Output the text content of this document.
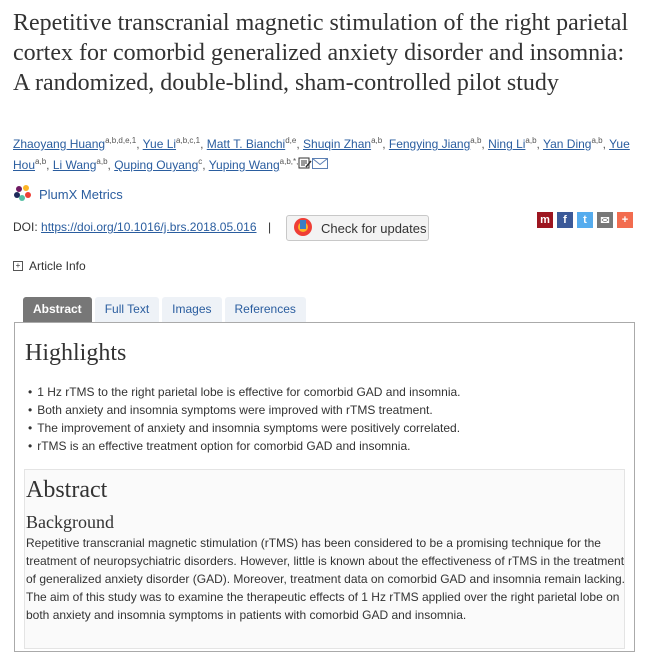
Repetitive transcranial magnetic stimulation of the right parietal cortex for comorbid generalized anxiety disorder and insomnia: A randomized, double-blind, sham-controlled pilot study
Zhaoyang Huang$^{a,b,d,e,1}$, Yue Li$^{a,b,c,1}$, Matt T. Bianchi$^{d,e}$, Shuqin Zhan$^{a,b}$, Fengying Jiang$^{a,b}$, Ning Li$^{a,b}$, Yan Ding$^{a,b}$, Yue Hou$^{a,b}$, Li Wang$^{a,b}$, Quping Ouyang$^c$, Yuping Wang$^{a,b,*,}$
PlumX Metrics
DOI: https://doi.org/10.1016/j.brs.2018.05.016 |	Check for updates
m	f	t	✉	+
+ Article Info
Abstract	Full Text	Images	References
Highlights
• 1 Hz rTMS to the right parietal lobe is effective for comorbid GAD and insomnia.
• Both anxiety and insomnia symptoms were improved with rTMS treatment.
• The improvement of anxiety and insomnia symptoms were positively correlated.
• rTMS is an effective treatment option for comorbid GAD and insomnia.
Abstract
Background
Repetitive transcranial magnetic stimulation (rTMS) has been considered to be a promising technique for the treatment of neuropsychiatric disorders. However, little is known about the effectiveness of rTMS in the treatment of generalized anxiety disorder (GAD). Moreover, treatment data on comorbid GAD and insomnia remain lacking. The aim of this study was to examine the therapeutic effects of 1 Hz rTMS applied over the right parietal lobe on both anxiety and insomnia symptoms in patients with comorbid GAD and insomnia.
